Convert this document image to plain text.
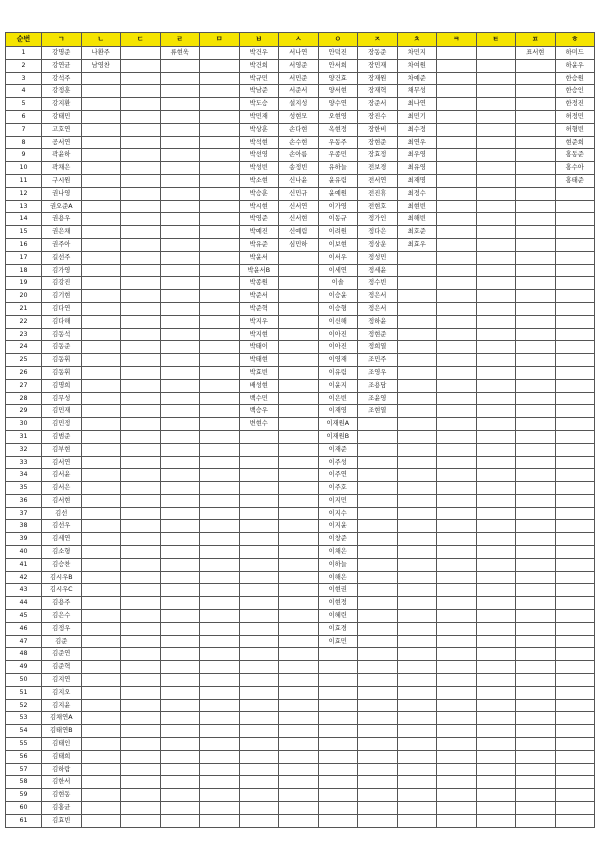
순번	ㄱ	ㄴ	ㄷ	ㄹ	ㅁ	ㅂ	ㅅ	ㅇ	ㅈ	ㅊ	ㅋ	ㅌ	ㅍ	ㅎ
1	강명준	나환주		류현욱		박건우	서나연	안덕진	장동준	차민지			표서현	하미드
2	강연균	남영찬				박건희	서영준	안서희	장민재	차여원				하윤우
3	강석주					박규민	서민준	양건효	장재원	차예준				한승원
4	강정훈					박남준	서준서	양서현	장재혁	채무성				한승인
5	강지환					박도승	설지성	양수연	장준서	최나연				한정진
6	강태민					박민재	성현모	오현영	장진수	최민기				허정민
7	고호연					박상훈	손다현	옥현정	장한비	최수정				허형빈
8	공서연					박석현	손수현	우동주	장현준	최연우				현준희
9	곽윤하					박선영	손아름	우종민	장효정	최우영				홍동준
10	곽채은					박성빈	송정빈	유하늘	전보경	최유영				홍수아
11	구시원					박소현	신나윤	윤유림	전서연	최재명				홍태준
12	권나영					박승훈	신민규	윤예원	전진휴	최정수				
13	권오준A					박시현	신서연	이가영	전현호	최현빈				
14	권용우					박영준	신서현	이동규	정가인	최해빈				
15	권은채					박예진	신예림	이려원	정다은	최호준				
16	권주아					박유준	심민하	이보현	정상운	최효우				
17	길선주					박윤서		이서우	정성민					
18	김가영					박윤서B		이세연	정세윤					
19	김강진					박종원		이솔	정수빈					
20	김기현					박준서		이승윤	정은서					
21	김다연					박준혁		이승형	정은서					
22	김다해					박지우		이신해	정하윤					
23	김동석					박지현		이아진	정현준					
24	김동준					박태이		이아진	정희열					
25	김동휘					박태현		이영재	조민주					
26	김동휘					박효빈		이유림	조영우					
27	김명희					배성현		이윤지	조용담					
28	김무성					백수민		이은빈	조윤영					
29	김민재					백승우		이재영	조현열					
30	김민정					변현수		이재원A						
31	김범준							이재원B						
32	김부현							이재준						
33	김서연							이주성						
34	김서윤							이주연						
35	김서은							이주호						
36	김서현							이지민						
37	김선							이지수						
38	김선우							이지윤						
39	김세연							이창준						
40	김소형							이채은						
41	김승찬							이하늘						
42	김시우B							이해은						
43	김시우C							이현권						
44	김용주							이현정						
45	김은수							이혜린						
46	김정우							이효경						
47	김준							이효민						
48	김준연													
49	김준혁													
50	김지연													
51	김지오													
52	김지윤													
53	김채연A													
54	김태연B													
55	김태인													
56	김태희													
57	김하람													
58	김한서													
59	김현동													
60	김홍균													
61	김효빈													
